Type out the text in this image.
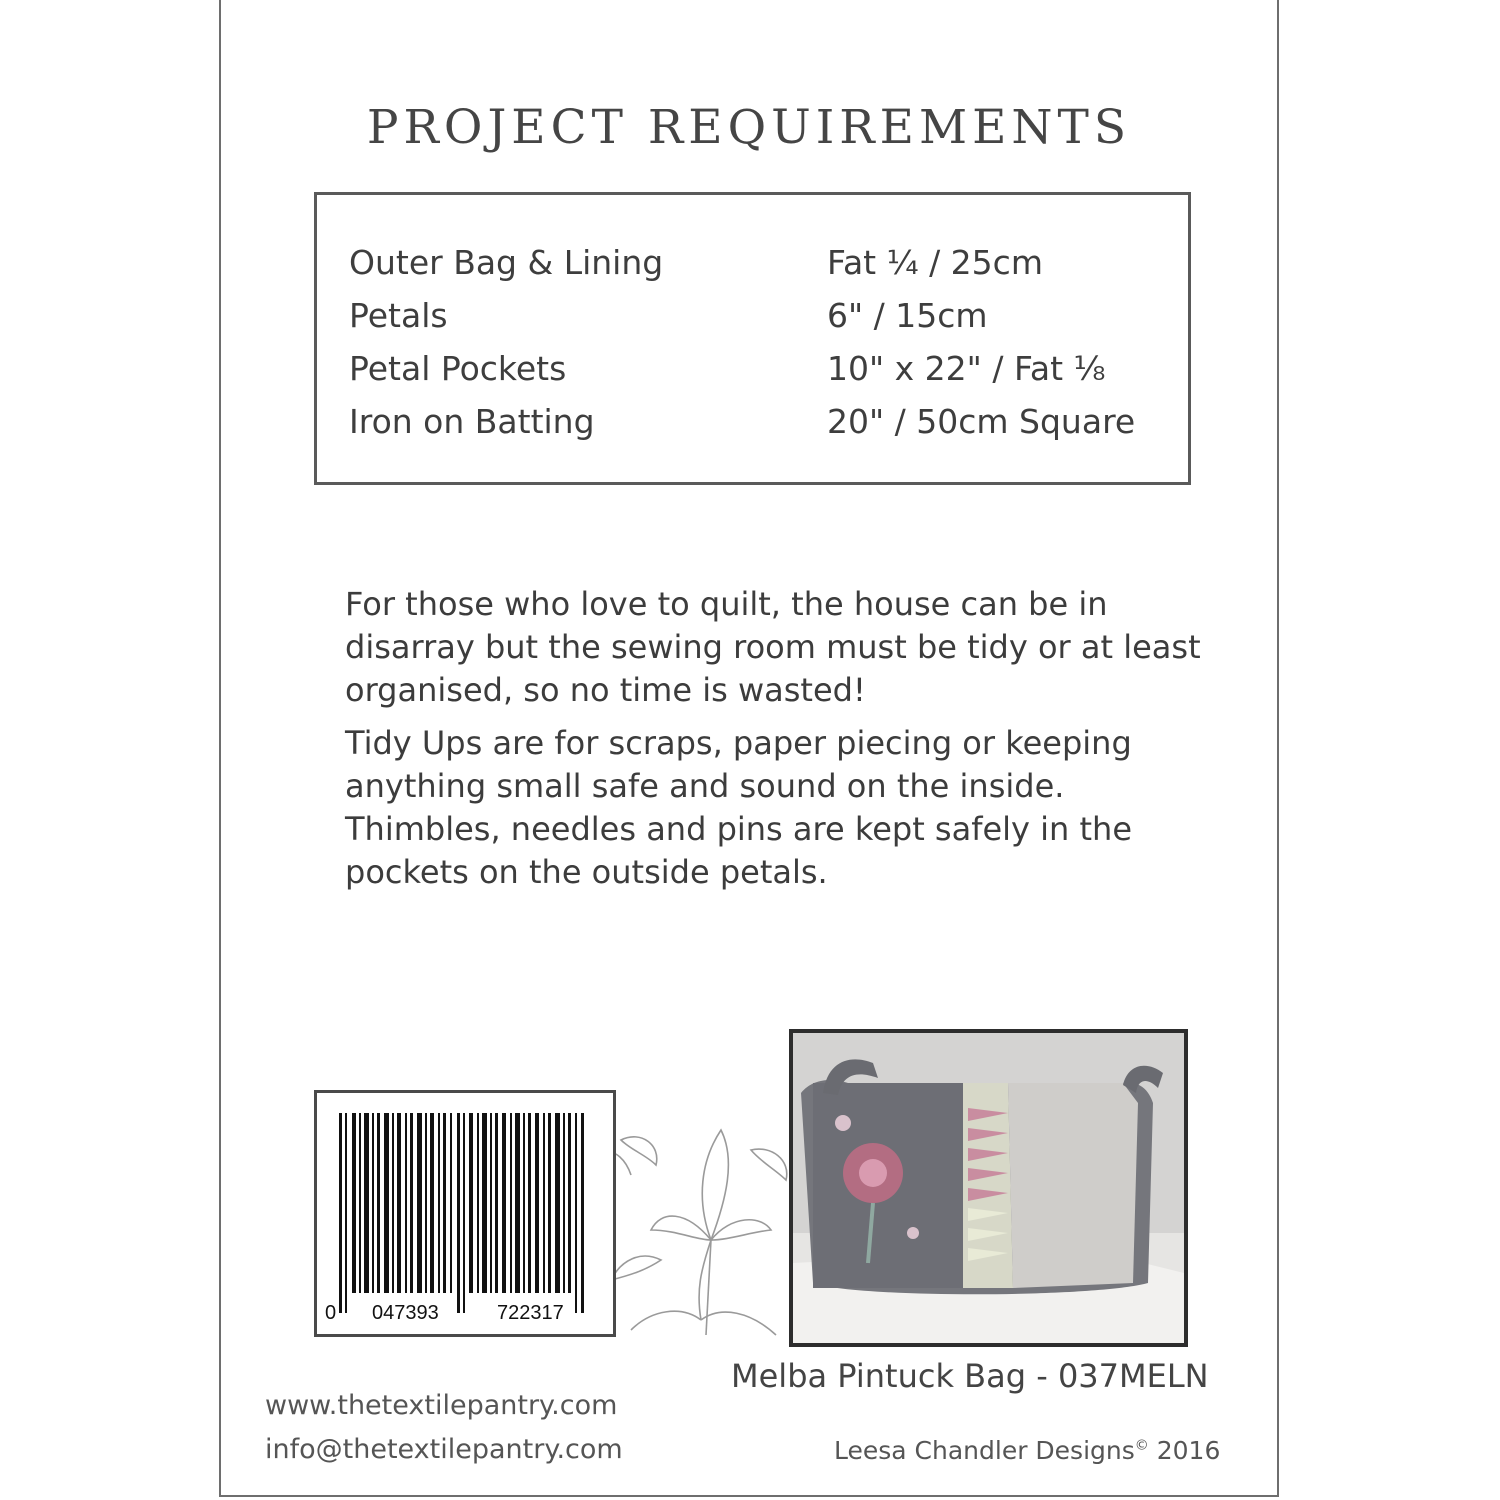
PROJECT REQUIREMENTS
Outer Bag & Lining	Fat ¼ / 25cm
Petals	6" / 15cm
Petal Pockets	10" x 22" / Fat ⅛
Iron on Batting	20" / 50cm Square

For those who love to quilt, the house can be in disarray but the sewing room must be tidy or at least organised, so no time is wasted!

Tidy Ups are for scraps, paper piecing or keeping anything small safe and sound on the inside. Thimbles, needles and pins are kept safely in the pockets on the outside petals.

0 047393	722317
Melba Pintuck Bag - 037MELN
www.thetextilepantry.com
info@thetextilepantry.com	Leesa Chandler Designs© 2016
